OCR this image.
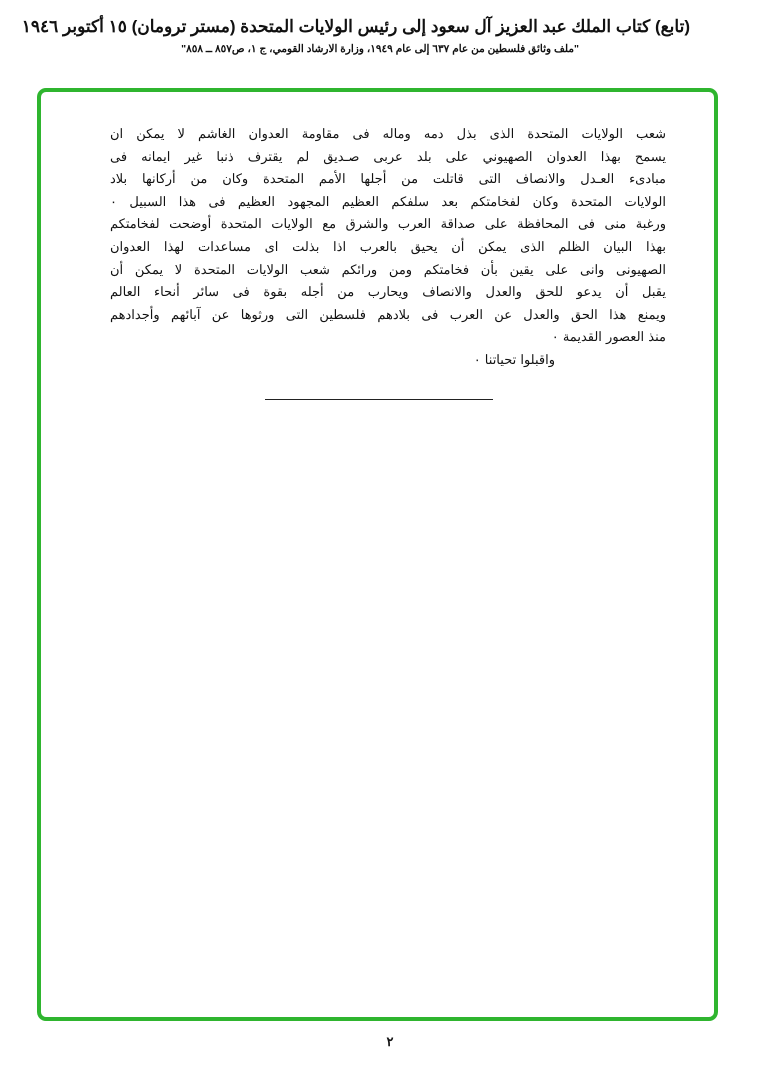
(تابع) كتاب الملك عبد العزيز آل سعود إلى رئيس الولايات المتحدة (مستر ترومان) ١٥ أكتوبر ١٩٤٦
"ملف وثائق فلسطين من عام ٦٣٧ إلى عام ١٩٤٩، وزارة الارشاد القومي، ج ١، ص٨٥٧ ــ ٨٥٨"
شعب الولايات المتحدة الذى بذل دمه وماله فى مقاومة العدوان الغاشم لا يمكن ان
يسمح بهذا العدوان الصهيوني على بلد عربى صـديق لم يقترف ذنبا غير ايمانه فى
مبادىء العـدل والانصاف التى قاتلت من أجلها الأمم المتحدة وكان من أركانها بلاد
الولايات المتحدة وكان لفخامتكم بعد سلفكم العظيم المجهود العظيم فى هذا السبيل ٠
ورغبة منى فى المحافظة على صداقة العرب والشرق مع الولايات المتحدة أوضحت لفخامتكم
بهذا البيان الظلم الذى يمكن أن يحيق بالعرب اذا بذلت اى مساعدات لهذا العدوان
الصهيونى وانى على يقين بأن فخامتكم ومن ورائكم شعب الولايات المتحدة لا يمكن أن
يقبل أن يدعو للحق والعدل والانصاف ويحارب من أجله بقوة فى سائر أنحاء العالم
ويمنع هذا الحق والعدل عن العرب فى بلادهم فلسطين التى ورثوها عن آبائهم وأجدادهم
منذ العصور القديمة ٠
واقبلوا تحياتنا ٠
٢
